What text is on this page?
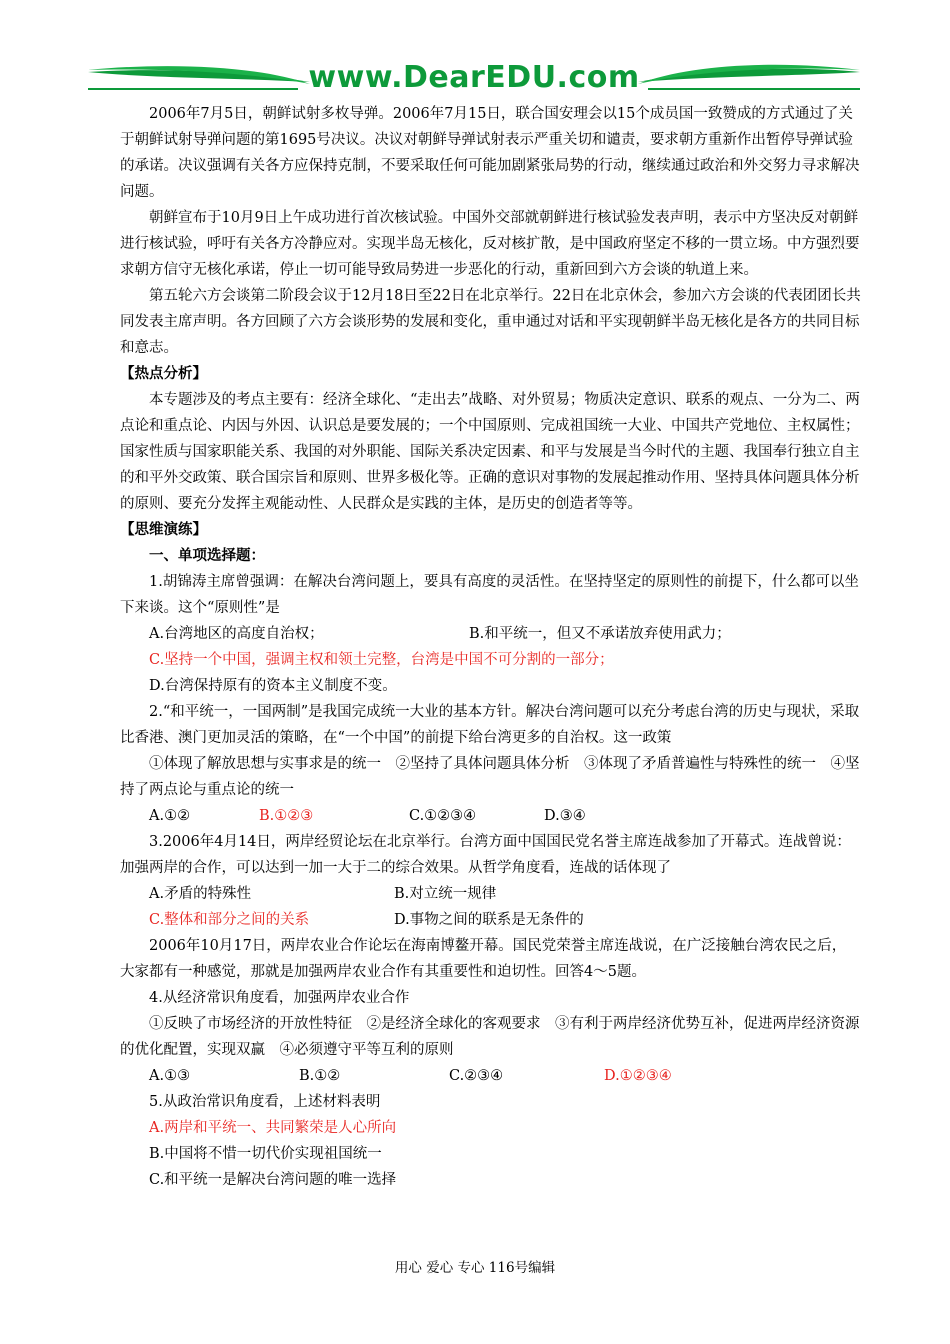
www.DearEDU.com

2006年7月5日，朝鲜试射多枚导弹。2006年7月15日，联合国安理会以15个成员国一致赞成的方式通过了关于朝鲜试射导弹问题的第1695号决议。决议对朝鲜导弹试射表示严重关切和谴责，要求朝方重新作出暂停导弹试验的承诺。决议强调有关各方应保持克制，不要采取任何可能加剧紧张局势的行动，继续通过政治和外交努力寻求解决问题。

朝鲜宣布于10月9日上午成功进行首次核试验。中国外交部就朝鲜进行核试验发表声明，表示中方坚决反对朝鲜进行核试验，呼吁有关各方冷静应对。实现半岛无核化，反对核扩散，是中国政府坚定不移的一贯立场。中方强烈要求朝方信守无核化承诺，停止一切可能导致局势进一步恶化的行动，重新回到六方会谈的轨道上来。

第五轮六方会谈第二阶段会议于12月18日至22日在北京举行。22日在北京休会，参加六方会谈的代表团团长共同发表主席声明。各方回顾了六方会谈形势的发展和变化，重申通过对话和平实现朝鲜半岛无核化是各方的共同目标和意志。

【热点分析】

本专题涉及的考点主要有：经济全球化、“走出去”战略、对外贸易；物质决定意识、联系的观点、一分为二、两点论和重点论、内因与外因、认识总是要发展的；一个中国原则、完成祖国统一大业、中国共产党地位、主权属性；国家性质与国家职能关系、我国的对外职能、国际关系决定因素、和平与发展是当今时代的主题、我国奉行独立自主的和平外交政策、联合国宗旨和原则、世界多极化等。正确的意识对事物的发展起推动作用、坚持具体问题具体分析的原则、要充分发挥主观能动性、人民群众是实践的主体，是历史的创造者等等。

【思维演练】

一、单项选择题：

1.胡锦涛主席曾强调：在解决台湾问题上，要具有高度的灵活性。在坚持坚定的原则性的前提下，什么都可以坐下来谈。这个“原则性”是

A.台湾地区的高度自治权；	B.和平统一，但又不承诺放弃使用武力；

C.坚持一个中国，强调主权和领土完整，台湾是中国不可分割的一部分；

D.台湾保持原有的资本主义制度不变。

2.“和平统一，一国两制”是我国完成统一大业的基本方针。解决台湾问题可以充分考虑台湾的历史与现状，采取比香港、澳门更加灵活的策略，在“一个中国”的前提下给台湾更多的自治权。这一政策

①体现了解放思想与实事求是的统一　②坚持了具体问题具体分析　③体现了矛盾普遍性与特殊性的统一　④坚持了两点论与重点论的统一

A.①②	B.①②③	C.①②③④	D.③④

3.2006年4月14日，两岸经贸论坛在北京举行。台湾方面中国国民党名誉主席连战参加了开幕式。连战曾说：加强两岸的合作，可以达到一加一大于二的综合效果。从哲学角度看，连战的话体现了

A.矛盾的特殊性	B.对立统一规律
C.整体和部分之间的关系	D.事物之间的联系是无条件的

2006年10月17日，两岸农业合作论坛在海南博鳌开幕。国民党荣誉主席连战说，在广泛接触台湾农民之后，　大家都有一种感觉，那就是加强两岸农业合作有其重要性和迫切性。回答4～5题。

4.从经济常识角度看，加强两岸农业合作

①反映了市场经济的开放性特征　②是经济全球化的客观要求　③有利于两岸经济优势互补，促进两岸经济资源的优化配置，实现双赢　④必须遵守平等互利的原则

A.①③	B.①②	C.②③④	D.①②③④

5.从政治常识角度看，上述材料表明

A.两岸和平统一、共同繁荣是人心所向

B.中国将不惜一切代价实现祖国统一

C.和平统一是解决台湾问题的唯一选择

用心 爱心 专心 116号编辑
